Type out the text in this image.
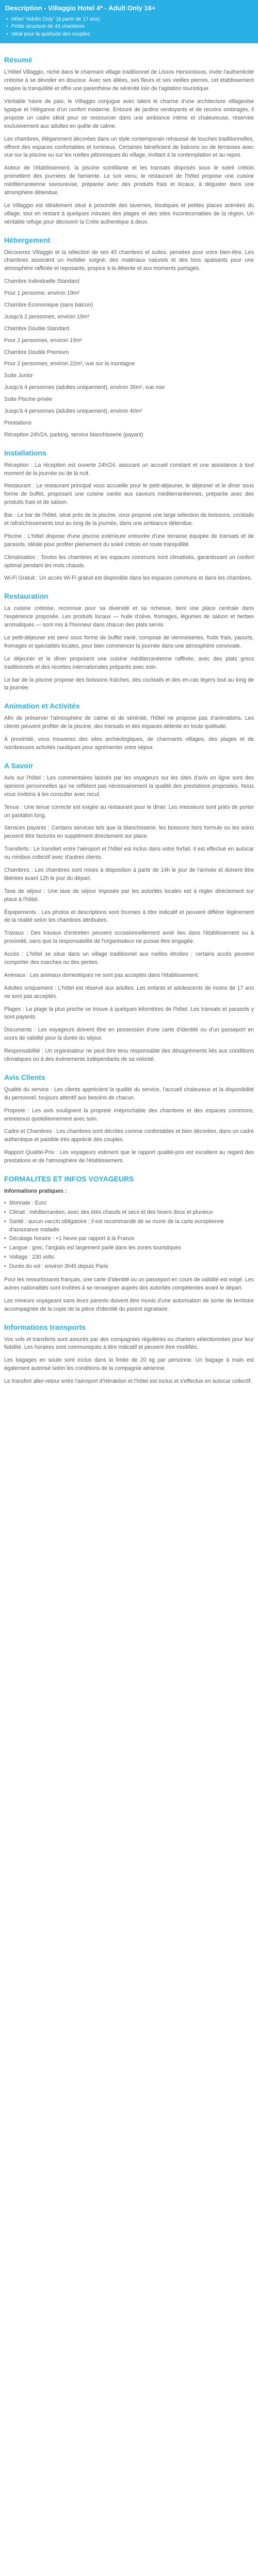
Description - Villaggio Hotel 4* - Adult Only 16+
• Hôtel "Adults Only" (à partir de 17 ans)
• Petite structure de 45 chambres
• Idéal pour la quiétude des couples
Résumé

L'Hôtel Villaggio, niché dans le charmant village traditionnel de Lissos Hersonissos, invite l'authenticité crétoise à se dévoiler en douceur. Avec ses allées, ses fleurs et ses vieilles pierres, cet établissement respire la tranquillité et offre une parenthèse de sérénité loin de l'agitation touristique.

Véritable havre de paix, le Villaggio conjugue avec talent le charme d'une architecture villageoise typique et l'élégance d'un confort moderne. Entouré de jardins verdoyants et de recoins ombragés, il propose un cadre idéal pour se ressourcer dans une ambiance intime et chaleureuse, réservée exclusivement aux adultes en quête de calme.

Les chambres, élégamment décorées dans un style contemporain rehaussé de touches traditionnelles, offrent des espaces confortables et lumineux. Certaines bénéficient de balcons ou de terrasses avec vue sur la piscine ou sur les ruelles pittoresques du village, invitant à la contemplation et au repos.

Autour de l'établissement, la piscine scintillante et les transats disposés sous le soleil crétois promettent des journées de farniente. Le soir venu, le restaurant de l'hôtel propose une cuisine méditerranéenne savoureuse, préparée avec des produits frais et locaux, à déguster dans une atmosphère détendue.

Le Villaggio est idéalement situé à proximité des tavernes, boutiques et petites places animées du village, tout en restant à quelques minutes des plages et des sites incontournables de la région. Un véritable refuge pour découvrir la Crète authentique à deux.

Hébergement

Découvrez Villaggio et la sélection de ses 45 chambres et suites, pensées pour votre bien-être. Les chambres associent un mobilier soigné, des matériaux naturels et des tons apaisants pour une atmosphère raffinée et reposante, propice à la détente et aux moments partagés.

Chambre Individuelle Standard
Pour 1 personne, environ 19m²
Chambre Economique (sans balcon)
Jusqu'à 2 personnes, environ 19m²
Chambre Double Standard
Pour 2 personnes, environ 19m²
Chambre Double Premium
Pour 2 personnes, environ 22m², vue sur la montagne
Suite Junior
Jusqu'à 4 personnes (adultes uniquement), environ 35m², vue mer
Suite Piscine privée
Jusqu'à 4 personnes (adultes uniquement), environ 40m²
Prestations
Réception 24h/24, parking, service blanchisserie (payant)
Installations

Réception : La réception est ouverte 24h/24, assurant un accueil constant et une assistance à tout moment de la journée ou de la nuit.

Restaurant : Le restaurant principal vous accueille pour le petit-déjeuner, le déjeuner et le dîner sous forme de buffet, proposant une cuisine variée aux saveurs méditerranéennes, préparée avec des produits frais et de saison.

Bar : Le bar de l'hôtel, situé près de la piscine, vous propose une large sélection de boissons, cocktails et rafraîchissements tout au long de la journée, dans une ambiance détendue.

Piscine : L'hôtel dispose d'une piscine extérieure entourée d'une terrasse équipée de transats et de parasols, idéale pour profiter pleinement du soleil crétois en toute tranquillité.

Climatisation : Toutes les chambres et les espaces communs sont climatisés, garantissant un confort optimal pendant les mois chauds.

Wi-Fi Gratuit : Un accès Wi-Fi gratuit est disponible dans les espaces communs et dans les chambres.

Restauration

La cuisine crétoise, reconnue pour sa diversité et sa richesse, tient une place centrale dans l'expérience proposée. Les produits locaux — huile d'olive, fromages, légumes de saison et herbes aromatiques — sont mis à l'honneur dans chacun des plats servis.

Le petit-déjeuner est servi sous forme de buffet varié, composé de viennoiseries, fruits frais, yaourts, fromages et spécialités locales, pour bien commencer la journée dans une atmosphère conviviale.

Le déjeuner et le dîner proposent une cuisine méditerranéenne raffinée, avec des plats grecs traditionnels et des recettes internationales préparés avec soin.

Le bar de la piscine propose des boissons fraîches, des cocktails et des en-cas légers tout au long de la journée.

Animation et Activités

Afin de préserver l'atmosphère de calme et de sérénité, l'hôtel ne propose pas d'animations. Les clients peuvent profiter de la piscine, des transats et des espaces détente en toute quiétude.

À proximité, vous trouverez des sites archéologiques, de charmants villages, des plages et de nombreuses activités nautiques pour agrémenter votre séjour.

A Savoir

Avis sur l'hôtel : Les commentaires laissés par les voyageurs sur les sites d'avis en ligne sont des opinions personnelles qui ne reflètent pas nécessairement la qualité des prestations proposées. Nous vous invitons à les consulter avec recul.

Tenue : Une tenue correcte est exigée au restaurant pour le dîner. Les messieurs sont priés de porter un pantalon long.

Services payants : Certains services tels que la blanchisserie, les boissons hors formule ou les soins peuvent être facturés en supplément directement sur place.

Transferts : Le transfert entre l'aéroport et l'hôtel est inclus dans votre forfait. Il est effectué en autocar ou minibus collectif avec d'autres clients.

Chambres : Les chambres sont mises à disposition à partir de 14h le jour de l'arrivée et doivent être libérées avant 12h le jour du départ.

Taxe de séjour : Une taxe de séjour imposée par les autorités locales est à régler directement sur place à l'hôtel.

Équipements : Les photos et descriptions sont fournies à titre indicatif et peuvent différer légèrement de la réalité selon les chambres attribuées.

Travaux : Des travaux d'entretien peuvent occasionnellement avoir lieu dans l'établissement ou à proximité, sans que la responsabilité de l'organisateur ne puisse être engagée.

Accès : L'hôtel se situe dans un village traditionnel aux ruelles étroites ; certains accès peuvent comporter des marches ou des pentes.

Animaux : Les animaux domestiques ne sont pas acceptés dans l'établissement.

Adultes uniquement : L'hôtel est réservé aux adultes. Les enfants et adolescents de moins de 17 ans ne sont pas acceptés.

Plages : La plage la plus proche se trouve à quelques kilomètres de l'hôtel. Les transats et parasols y sont payants.

Documents : Les voyageurs doivent être en possession d'une carte d'identité ou d'un passeport en cours de validité pour la durée du séjour.

Responsabilité : Un organisateur ne peut être tenu responsable des désagréments liés aux conditions climatiques ou à des événements indépendants de sa volonté.

Avis Clients

Qualité du service : Les clients apprécient la qualité du service, l'accueil chaleureux et la disponibilité du personnel, toujours attentif aux besoins de chacun.

Propreté : Les avis soulignent la propreté irréprochable des chambres et des espaces communs, entretenus quotidiennement avec soin.

Cadre et Chambres : Les chambres sont décrites comme confortables et bien décorées, dans un cadre authentique et paisible très apprécié des couples.

Rapport Qualité-Prix : Les voyageurs estiment que le rapport qualité-prix est excellent au regard des prestations et de l'atmosphère de l'établissement.

FORMALITES ET INFOS VOYAGEURS
Informations pratiques :
• Monnaie : Euro
• Climat : méditerranéen, avec des étés chauds et secs et des hivers doux et pluvieux
• Santé : aucun vaccin obligatoire ; il est recommandé de se munir de la carte européenne d'assurance maladie
• Décalage horaire : +1 heure par rapport à la France
• Langue : grec, l'anglais est largement parlé dans les zones touristiques
• Voltage : 230 volts
• Durée du vol : environ 3h45 depuis Paris

Pour les ressortissants français, une carte d'identité ou un passeport en cours de validité est exigé. Les autres nationalités sont invitées à se renseigner auprès des autorités compétentes avant le départ.

Les mineurs voyageant sans leurs parents doivent être munis d'une autorisation de sortie de territoire accompagnée de la copie de la pièce d'identité du parent signataire.

Informations transports

Vos vols et transferts sont assurés par des compagnies régulières ou charters sélectionnées pour leur fiabilité. Les horaires sont communiqués à titre indicatif et peuvent être modifiés.

Les bagages en soute sont inclus dans la limite de 20 kg par personne. Un bagage à main est également autorisé selon les conditions de la compagnie aérienne.

Le transfert aller-retour entre l'aéroport d'Héraklion et l'hôtel est inclus et s'effectue en autocar collectif.
